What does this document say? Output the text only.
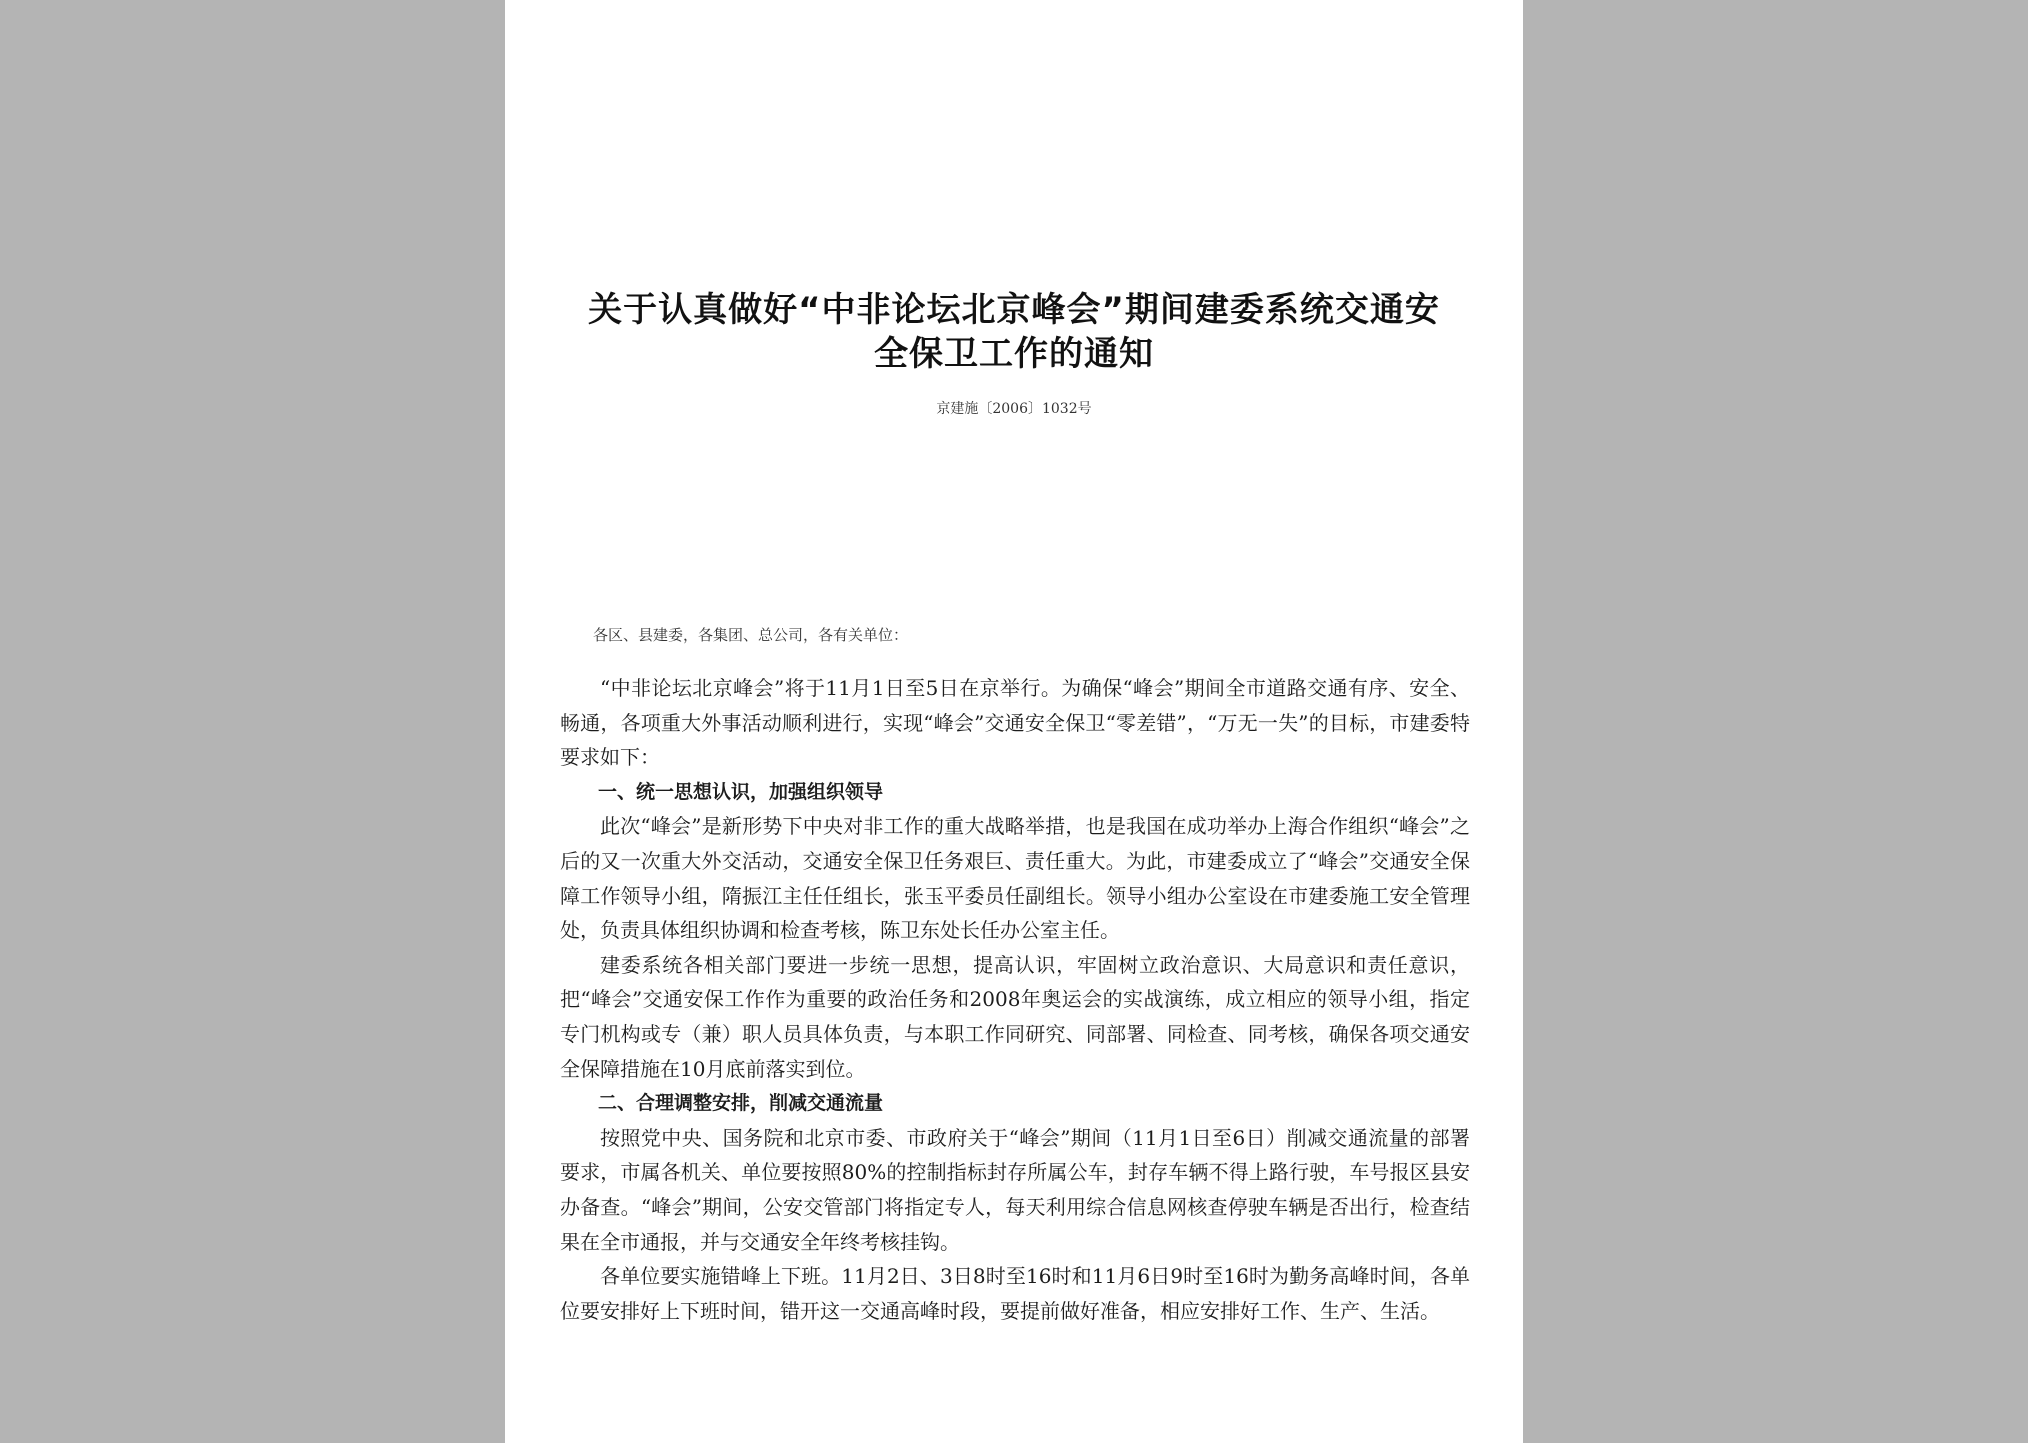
关于认真做好“中非论坛北京峰会”期间建委系统交通安
全保卫工作的通知
京建施〔2006〕1032号
各区、县建委，各集团、总公司，各有关单位：

“中非论坛北京峰会”将于11月1日至5日在京举行。为确保“峰会”期间全市道路交通有序、安全、畅通，各项重大外事活动顺利进行，实现“峰会”交通安全保卫“零差错”，“万无一失”的目标，市建委特要求如下：

一、统一思想认识，加强组织领导

此次“峰会”是新形势下中央对非工作的重大战略举措，也是我国在成功举办上海合作组织“峰会”之后的又一次重大外交活动，交通安全保卫任务艰巨、责任重大。为此，市建委成立了“峰会”交通安全保障工作领导小组，隋振江主任任组长，张玉平委员任副组长。领导小组办公室设在市建委施工安全管理处，负责具体组织协调和检查考核，陈卫东处长任办公室主任。

建委系统各相关部门要进一步统一思想，提高认识，牢固树立政治意识、大局意识和责任意识，把“峰会”交通安保工作作为重要的政治任务和2008年奥运会的实战演练，成立相应的领导小组，指定专门机构或专（兼）职人员具体负责，与本职工作同研究、同部署、同检查、同考核，确保各项交通安全保障措施在10月底前落实到位。

二、合理调整安排，削减交通流量

按照党中央、国务院和北京市委、市政府关于“峰会”期间（11月1日至6日）削减交通流量的部署要求，市属各机关、单位要按照80%的控制指标封存所属公车，封存车辆不得上路行驶，车号报区县安办备查。“峰会”期间，公安交管部门将指定专人，每天利用综合信息网核查停驶车辆是否出行，检查结果在全市通报，并与交通安全年终考核挂钩。

各单位要实施错峰上下班。11月2日、3日8时至16时和11月6日9时至16时为勤务高峰时间，各单位要安排好上下班时间，错开这一交通高峰时段，要提前做好准备，相应安排好工作、生产、生活。
